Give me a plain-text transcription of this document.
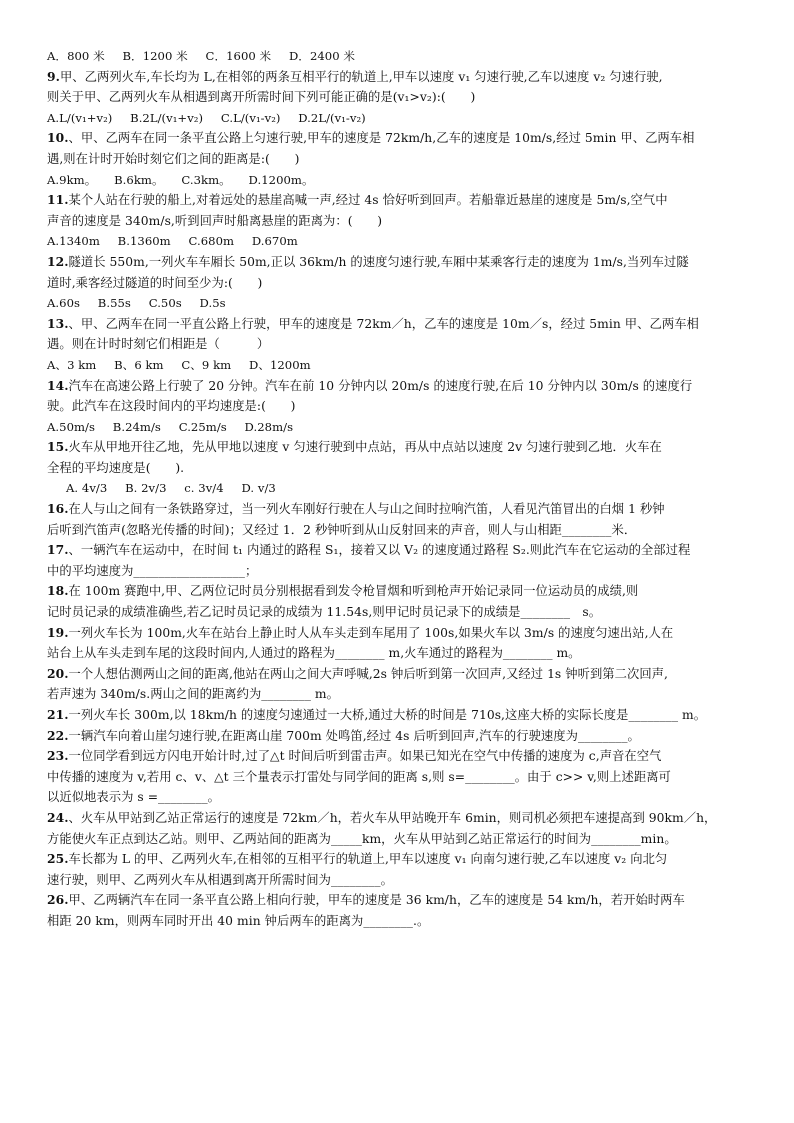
A．800 米 B．1200 米 C．1600 米 D．2400 米
9.甲、乙两列火车,车长均为 L,在相邻的两条互相平行的轨道上,甲车以速度 v₁ 匀速行驶,乙车以速度 v₂ 匀速行驶,
则关于甲、乙两列火车从相遇到离开所需时间下列可能正确的是(v₁>v₂):(　　)
A.L/(v₁+v₂) B.2L/(v₁+v₂) C.L/(v₁-v₂) D.2L/(v₁-v₂)
10.、甲、乙两车在同一条平直公路上匀速行驶,甲车的速度是 72km/h,乙车的速度是 10m/s,经过 5min 甲、乙两车相
遇,则在计时开始时刻它们之间的距离是:(　　)
A.9km。 B.6km。 C.3km。 D.1200m。
11.某个人站在行驶的船上,对着远处的悬崖高喊一声,经过 4s 恰好听到回声。若船靠近悬崖的速度是 5m/s,空气中
声音的速度是 340m/s,听到回声时船离悬崖的距离为：(　　)
A.1340m B.1360m C.680m D.670m
12.隧道长 550m,一列火车车厢长 50m,正以 36km/h 的速度匀速行驶,车厢中某乘客行走的速度为 1m/s,当列车过隧
道时,乘客经过隧道的时间至少为:(　　)
A.60s B.55s C.50s D.5s
13.、甲、乙两车在同一平直公路上行驶，甲车的速度是 72km／h，乙车的速度是 10m／s，经过 5min 甲、乙两车相
遇。则在计时时刻它们相距是（　　　）
A、3 km B、6 km C、9 km D、1200m
14.汽车在高速公路上行驶了 20 分钟。汽车在前 10 分钟内以 20m/s 的速度行驶,在后 10 分钟内以 30m/s 的速度行
驶。此汽车在这段时间内的平均速度是:(　　)
A.50m/s B.24m/s C.25m/s D.28m/s
15.火车从甲地开往乙地，先从甲地以速度 v 匀速行驶到中点站，再从中点站以速度 2v 匀速行驶到乙地．火车在
全程的平均速度是(　　).
A. 4v/3 B. 2v/3 c. 3v/4 D. v/3
16.在人与山之间有一条铁路穿过，当一列火车刚好行驶在人与山之间时拉响汽笛，人看见汽笛冒出的白烟 1 秒钟
后听到汽笛声(忽略光传播的时间)；又经过 1．2 秒钟听到从山反射回来的声音，则人与山相距________米．
17.、一辆汽车在运动中，在时间 t₁ 内通过的路程 S₁，接着又以 V₂ 的速度通过路程 S₂.则此汽车在它运动的全部过程
中的平均速度为__________________；
18.在 100m 赛跑中,甲、乙两位记时员分别根据看到发令枪冒烟和听到枪声开始记录同一位运动员的成绩,则
记时员记录的成绩准确些,若乙记时员记录的成绩为 11.54s,则甲记时员记录下的成绩是________　s。
19.一列火车长为 100m,火车在站台上静止时人从车头走到车尾用了 100s,如果火车以 3m/s 的速度匀速出站,人在
站台上从车头走到车尾的这段时间内,人通过的路程为________ m,火车通过的路程为________ m。
20.一个人想估测两山之间的距离,他站在两山之间大声呼喊,2s 钟后听到第一次回声,又经过 1s 钟听到第二次回声,
若声速为 340m/s.两山之间的距离约为________ m。
21.一列火车长 300m,以 18km/h 的速度匀速通过一大桥,通过大桥的时间是 710s,这座大桥的实际长度是________ m。
22.一辆汽车向着山崖匀速行驶,在距离山崖 700m 处鸣笛,经过 4s 后听到回声,汽车的行驶速度为________。
23.一位同学看到远方闪电开始计时,过了△t 时间后听到雷击声。如果已知光在空气中传播的速度为 c,声音在空气
中传播的速度为 v,若用 c、v、△t 三个量表示打雷处与同学间的距离 s,则 s=________。由于 c>> v,则上述距离可
以近似地表示为 s =________。
24.、火车从甲站到乙站正常运行的速度是 72km／h，若火车从甲站晚开车 6min，则司机必须把车速提高到 90km／h，
方能使火车正点到达乙站。则甲、乙两站间的距离为_____km，火车从甲站到乙站正常运行的时间为________min。
25.车长都为 L 的甲、乙两列火车,在相邻的互相平行的轨道上,甲车以速度 v₁ 向南匀速行驶,乙车以速度 v₂ 向北匀
速行驶，则甲、乙两列火车从相遇到离开所需时间为________。
26.甲、乙两辆汽车在同一条平直公路上相向行驶，甲车的速度是 36 km/h，乙车的速度是 54 km/h，若开始时两车
相距 20 km，则两车同时开出 40 min 钟后两车的距离为________.。
